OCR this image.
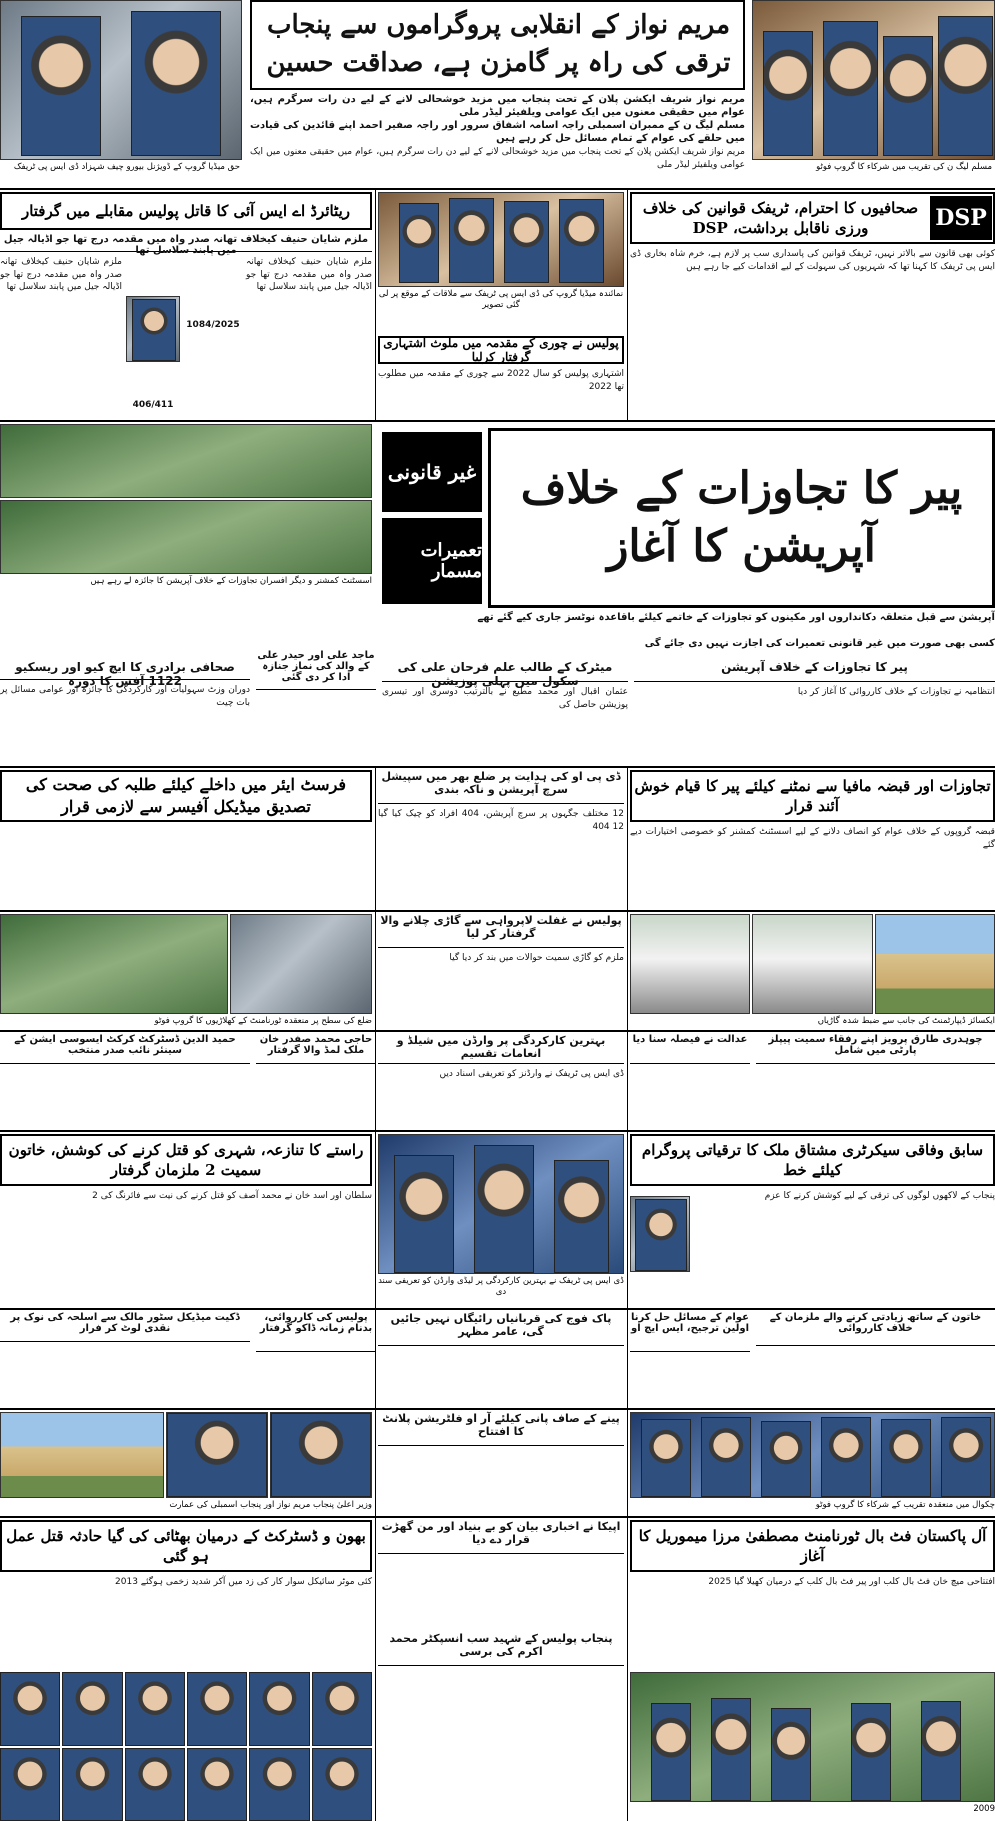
حق میڈیا گروپ کے ڈویژنل بیورو چیف شہزاد ڈی ایس پی ٹریفک
مریم نواز کے انقلابی پروگراموں سے پنجاب ترقی کی راہ پر گامزن ہے، صداقت حسین
مریم نواز شریف ایکشن پلان کے تحت پنجاب میں مزید خوشحالی لانے کے لیے دن رات سرگرم ہیں، عوام میں حقیقی معنوں میں ایک عوامی ویلفیئر لیڈر ملی
مسلم لیگ ن کے ممبران اسمبلی راجہ اسامہ اشفاق سرور اور راجہ صفیر احمد اپنے قائدین کی قیادت میں حلقے کی عوام کے تمام مسائل حل کر رہے ہیں
مریم نواز شریف ایکشن پلان کے تحت پنجاب میں مزید خوشحالی لانے کے لیے دن رات سرگرم ہیں، عوام میں حقیقی معنوں میں ایک عوامی ویلفیئر لیڈر ملی	مسلم لیگ ن کی تقریب میں شرکاء کا گروپ فوٹو
صحافیوں کا احترام، ٹریفک قوانین کی خلاف ورزی ناقابل برداشت، DSP	DSP

کوئی بھی قانون سے بالاتر نہیں، ٹریفک قوانین کی پاسداری سب پر لازم ہے، خرم شاہ بخاری ڈی ایس پی ٹریفک کا کہنا تھا کہ شہریوں کی سہولت کے لیے اقدامات کیے جا رہے ہیں

نمائندہ میڈیا گروپ کی ڈی ایس پی ٹریفک سے ملاقات کے موقع پر لی گئی تصویر
ریٹائرڈ اے ایس آئی کا قاتل پولیس مقابلے میں گرفتار
ملزم شایان حنیف کیخلاف تھانہ صدر واہ میں مقدمہ درج تھا جو اڈیالہ جیل میں پابند سلاسل تھا
1084/2025
406/411
ملزم شایان حنیف کیخلاف تھانہ صدر واہ میں مقدمہ درج تھا جو اڈیالہ جیل میں پابند سلاسل تھا
ملزم شایان حنیف کیخلاف تھانہ صدر واہ میں مقدمہ درج تھا جو اڈیالہ جیل میں پابند سلاسل تھا
پولیس نے چوری کے مقدمہ میں ملوث اشتہاری گرفتار کرلیا
اشتہاری پولیس کو سال 2022 سے چوری کے مقدمہ میں مطلوب تھا 2022
اسسٹنٹ کمشنر و دیگر افسران تجاوزات کے خلاف آپریشن کا جائزہ لے رہے ہیں
پیر کا تجاوزات کے خلاف آپریشن کا آغاز
غیر قانونی
تعمیرات مسمار
آپریشن سے قبل متعلقہ دکانداروں اور مکینوں کو تجاوزات کے خاتمے کیلئے باقاعدہ نوٹسز جاری کیے گئے تھے
کسی بھی صورت میں غیر قانونی تعمیرات کی اجازت نہیں دی جائے گی
صحافی برادری کا ایچ کیو اور ریسکیو 1122 آفس کا دورہ
دوران وزٹ سہولیات اور کارکردگی کا جائزہ اور عوامی مسائل پر بات چیت
ماجد علی اور حیدر علی کے والد کی نماز جنازہ ادا کر دی گئی
میٹرک کے طالب علم فرحان علی کی سکول میں پہلی پوزیشن
عثمان اقبال اور محمد مطیع نے بالترتیب دوسری اور تیسری پوزیشن حاصل کی
پیر کا تجاوزات کے خلاف آپریشن
انتظامیہ نے تجاوزات کے خلاف کارروائی کا آغاز کر دیا
فرسٹ ایئر میں داخلے کیلئے طلبہ کی صحت کی تصدیق میڈیکل آفیسر سے لازمی قرار
ڈی پی او کی ہدایت پر ضلع بھر میں سپیشل سرچ آپریشن و ناکہ بندی
12 مختلف جگہوں پر سرچ آپریشن، 404 افراد کو چیک کیا گیا 12 404
تجاوزات اور قبضہ مافیا سے نمٹنے کیلئے پیر کا قیام خوش آئند قرار
قبضہ گروپوں کے خلاف عوام کو انصاف دلانے کے لیے اسسٹنٹ کمشنر کو خصوصی اختیارات دیے گئے
ضلع کی سطح پر منعقدہ ٹورنامنٹ کے کھلاڑیوں کا گروپ فوٹو
پولیس نے غفلت لاپرواہی سے گاڑی چلانے والا گرفتار کر لیا
ملزم کو گاڑی سمیت حوالات میں بند کر دیا گیا
ایکسائز ڈیپارٹمنٹ کی جانب سے ضبط شدہ گاڑیاں
حمید الدین ڈسٹرکٹ کرکٹ ایسوسی ایشن کے سینئر نائب صدر منتخب
حاجی محمد صفدر خان ملک لمڈ والا گرفتار
بہترین کارکردگی پر وارڈن میں شیلڈ و انعامات تقسیم
ڈی ایس پی ٹریفک نے وارڈنز کو تعریفی اسناد دیں
عدالت نے فیصلہ سنا دیا	چوہدری طارق پرویز اپنے رفقاء سمیت پیپلز پارٹی میں شامل
راستے کا تنازعہ، شہری کو قتل کرنے کی کوشش، خاتون سمیت 2 ملزمان گرفتار
سلطان اور اسد خان نے محمد آصف کو قتل کرنے کی نیت سے فائرنگ کی 2
ڈی ایس پی ٹریفک نے بہترین کارکردگی پر لیڈی وارڈن کو تعریفی سند دی
سابق وفاقی سیکرٹری مشتاق ملک کا ترقیاتی پروگرام کیلئے خط
پنجاب کے لاکھوں لوگوں کی ترقی کے لیے کوشش کرنے کا عزم
ڈکیت میڈیکل سٹور مالک سے اسلحہ کی نوک پر نقدی لوٹ کر فرار
پولیس کی کارروائی، بدنام زمانہ ڈاکو گرفتار
پاک فوج کی قربانیاں رائیگاں نہیں جائیں گی، عامر مظہر
عوام کے مسائل حل کرنا اولین ترجیح، ایس ایچ او
خاتون کے ساتھ زیادتی کرنے والے ملزمان کے خلاف کارروائی
وزیر اعلیٰ پنجاب مریم نواز اور پنجاب اسمبلی کی عمارت
پینے کے صاف پانی کیلئے آر او فلٹریشن پلانٹ کا افتتاح
چکوال میں منعقدہ تقریب کے شرکاء کا گروپ فوٹو
بھون و ڈسٹرکٹ کے درمیان بھٹائی کی گیا حادثہ قتل عمل ہو گئی
کئی موٹر سائیکل سوار کار کی زد میں آکر شدید زخمی ہوگئے 2013
اپیکا نے اخباری بیان کو بے بنیاد اور من گھڑت قرار دے دیا
پنجاب پولیس کے شہید سب انسپکٹر محمد اکرم کی برسی
آل پاکستان فٹ بال ٹورنامنٹ مصطفیٰ مرزا میموریل کا آغاز
افتتاحی میچ خان فٹ بال کلب اور پیر فٹ بال کلب کے درمیان کھیلا گیا 2025
2009
